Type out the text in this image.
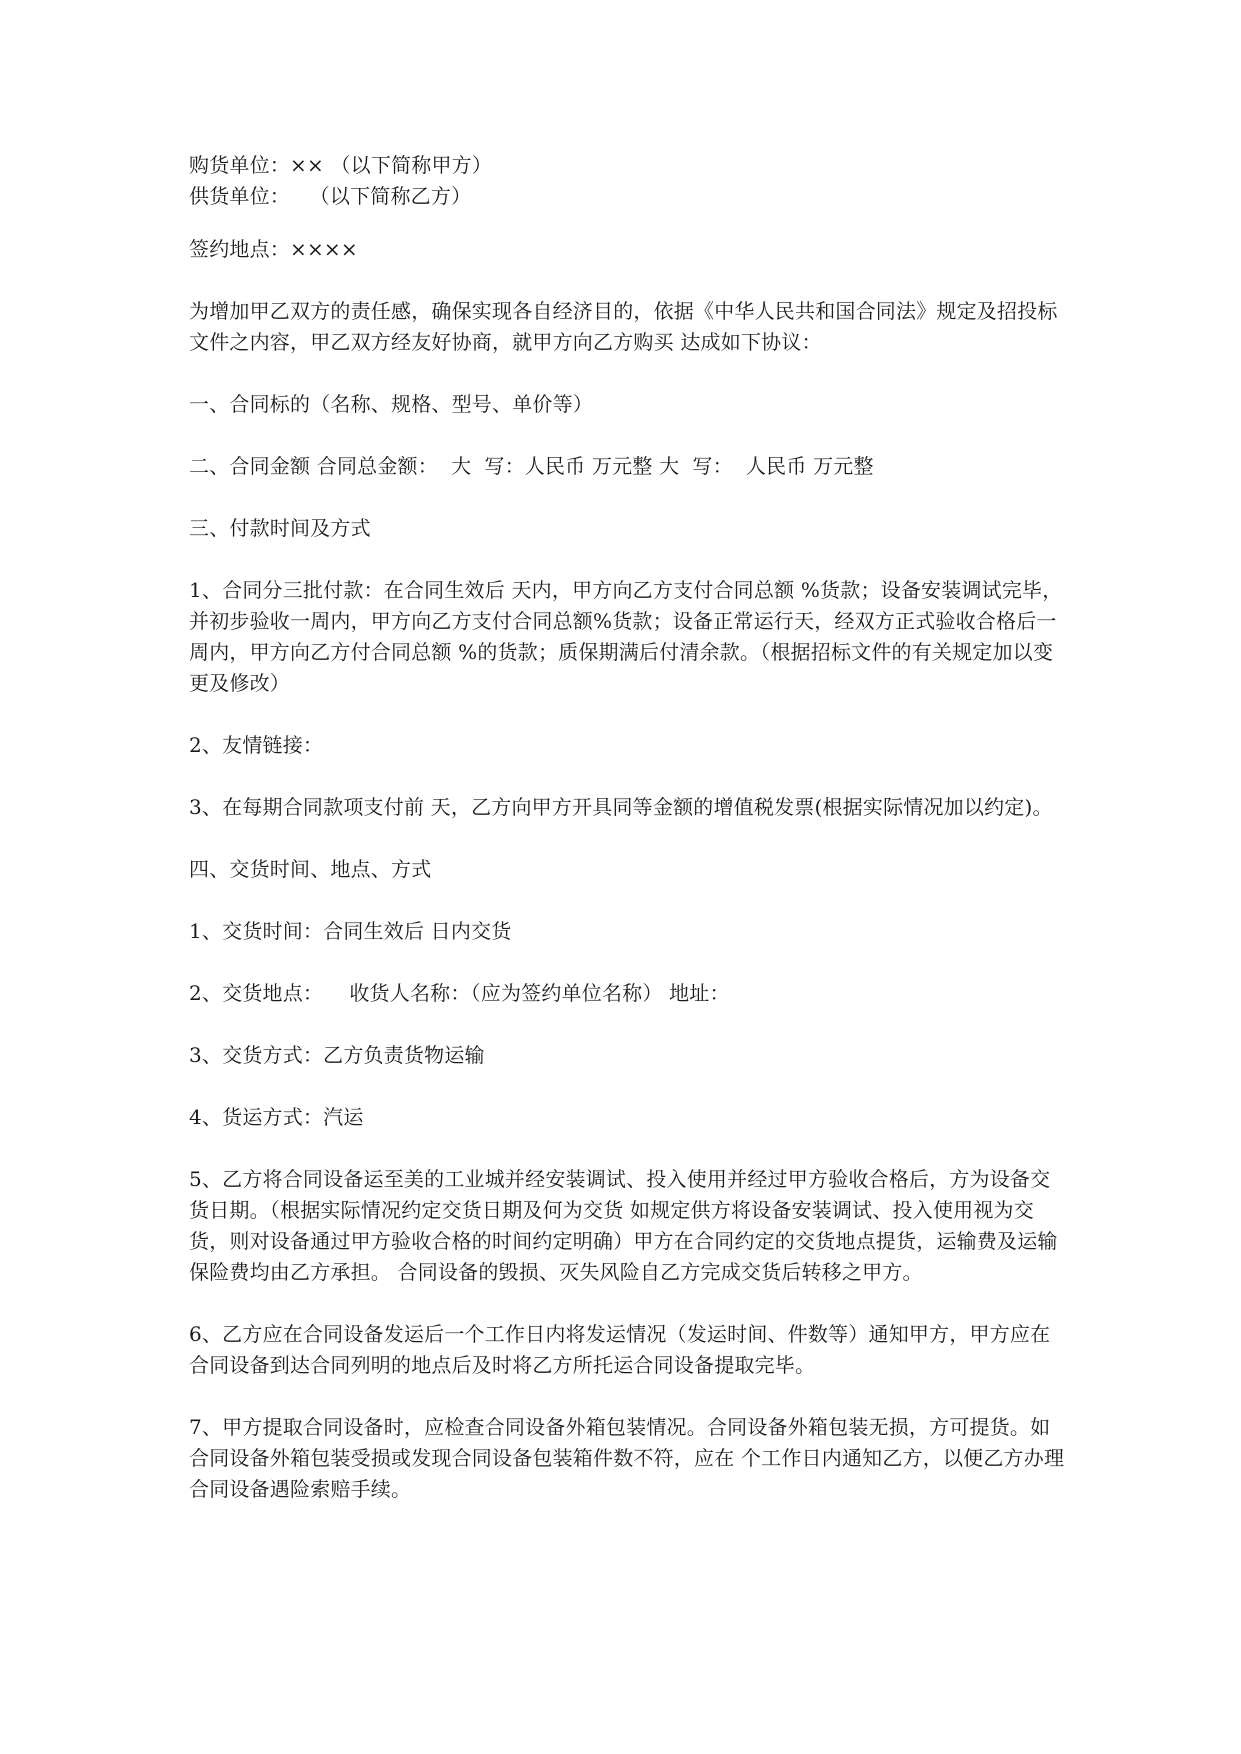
购货单位：×× （以下简称甲方）

供货单位：   （以下简称乙方）

签约地点：××××

为增加甲乙双方的责任感，确保实现各自经济目的，依据《中华人民共和国合同法》规定及招投标文件之内容，甲乙双方经友好协商，就甲方向乙方购买 达成如下协议：

一、合同标的（名称、规格、型号、单价等）

二、合同金额 合同总金额：  大  写：人民币 万元整 大  写：  人民币 万元整

三、付款时间及方式

1、合同分三批付款：在合同生效后 天内，甲方向乙方支付合同总额 %货款；设备安装调试完毕，并初步验收一周内，甲方向乙方支付合同总额%货款；设备正常运行天，经双方正式验收合格后一周内，甲方向乙方付合同总额 %的货款；质保期满后付清余款。（根据招标文件的有关规定加以变更及修改）

2、友情链接：

3、在每期合同款项支付前 天，乙方向甲方开具同等金额的增值税发票(根据实际情况加以约定)。

四、交货时间、地点、方式

1、交货时间：合同生效后 日内交货

2、交货地点：    收货人名称：（应为签约单位名称） 地址：

3、交货方式：乙方负责货物运输

4、货运方式：汽运

5、乙方将合同设备运至美的工业城并经安装调试、投入使用并经过甲方验收合格后，方为设备交货日期。（根据实际情况约定交货日期及何为交货 如规定供方将设备安装调试、投入使用视为交货，则对设备通过甲方验收合格的时间约定明确）甲方在合同约定的交货地点提货，运输费及运输保险费均由乙方承担。 合同设备的毁损、灭失风险自乙方完成交货后转移之甲方。

6、乙方应在合同设备发运后一个工作日内将发运情况（发运时间、件数等）通知甲方，甲方应在合同设备到达合同列明的地点后及时将乙方所托运合同设备提取完毕。

7、甲方提取合同设备时，应检查合同设备外箱包装情况。合同设备外箱包装无损，方可提货。如合同设备外箱包装受损或发现合同设备包装箱件数不符，应在 个工作日内通知乙方，以便乙方办理合同设备遇险索赔手续。
